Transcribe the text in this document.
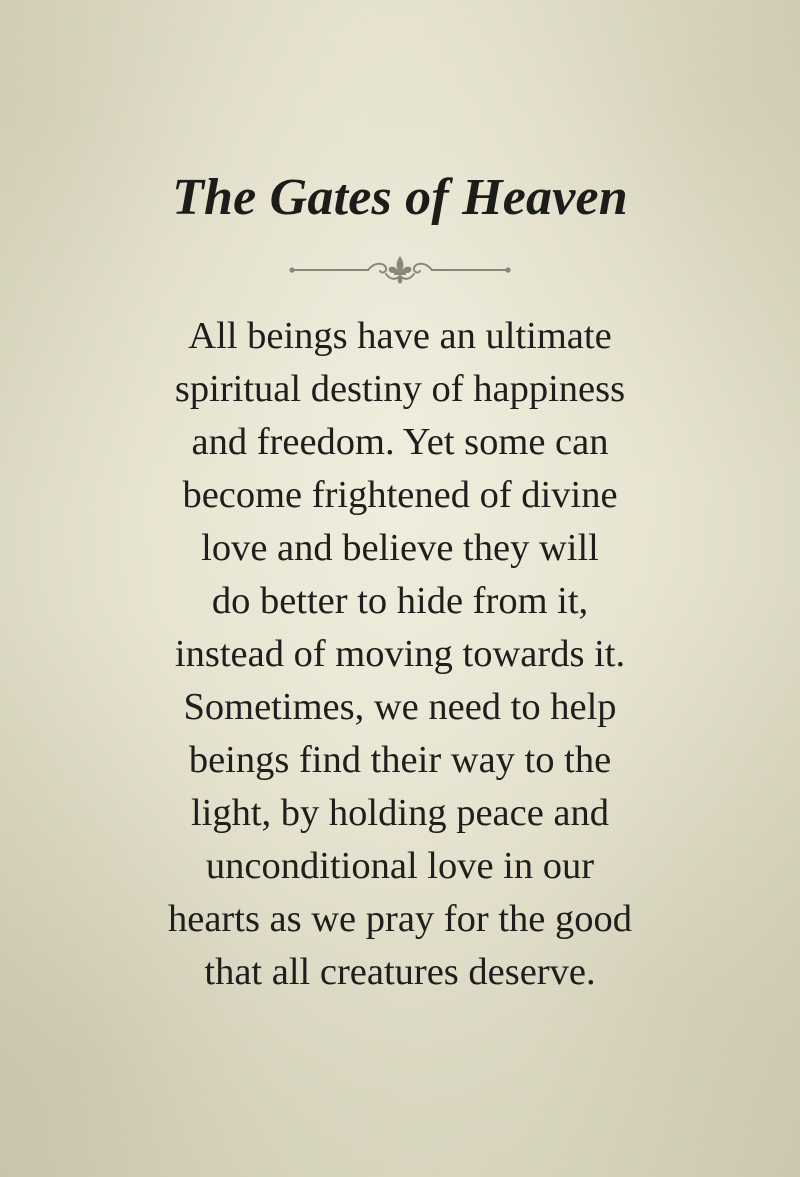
The Gates of Heaven
All beings have an ultimate
spiritual destiny of happiness
and freedom. Yet some can
become frightened of divine
love and believe they will
do better to hide from it,
instead of moving towards it.
Sometimes, we need to help
beings find their way to the
light, by holding peace and
unconditional love in our
hearts as we pray for the good
that all creatures deserve.
